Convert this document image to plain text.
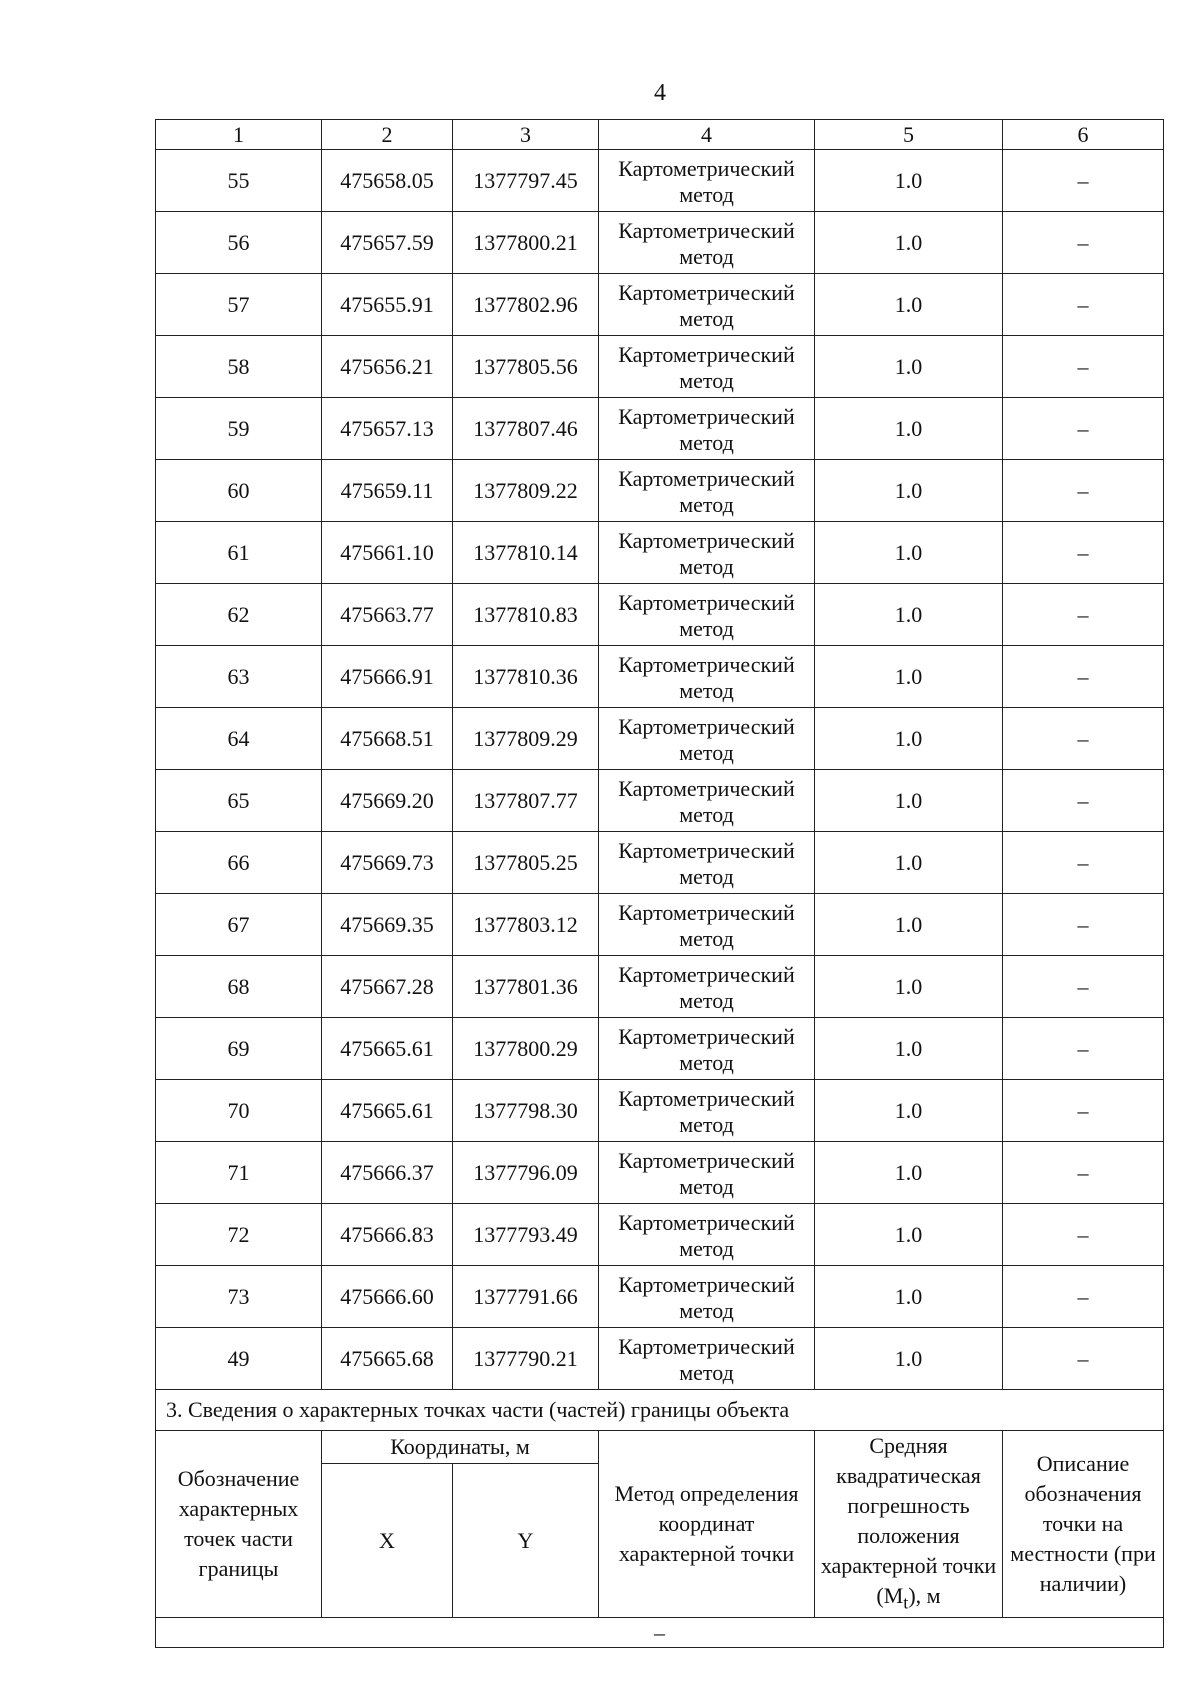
4
1	2	3	4	5	6
55	475658.05	1377797.45	Картометрический метод	1.0	–
56	475657.59	1377800.21	Картометрический метод	1.0	–
57	475655.91	1377802.96	Картометрический метод	1.0	–
58	475656.21	1377805.56	Картометрический метод	1.0	–
59	475657.13	1377807.46	Картометрический метод	1.0	–
60	475659.11	1377809.22	Картометрический метод	1.0	–
61	475661.10	1377810.14	Картометрический метод	1.0	–
62	475663.77	1377810.83	Картометрический метод	1.0	–
63	475666.91	1377810.36	Картометрический метод	1.0	–
64	475668.51	1377809.29	Картометрический метод	1.0	–
65	475669.20	1377807.77	Картометрический метод	1.0	–
66	475669.73	1377805.25	Картометрический метод	1.0	–
67	475669.35	1377803.12	Картометрический метод	1.0	–
68	475667.28	1377801.36	Картометрический метод	1.0	–
69	475665.61	1377800.29	Картометрический метод	1.0	–
70	475665.61	1377798.30	Картометрический метод	1.0	–
71	475666.37	1377796.09	Картометрический метод	1.0	–
72	475666.83	1377793.49	Картометрический метод	1.0	–
73	475666.60	1377791.66	Картометрический метод	1.0	–
49	475665.68	1377790.21	Картометрический метод	1.0	–
3. Сведения о характерных точках части (частей) границы объекта					
Обозначение характерных точек части границы	Координаты, м		Метод определения координат характерной точки	Средняя квадратическая погрешность положения характерной точки $(M_t)$, м	Описание обозначения точки на местности (при наличии)
	X	Y			
–					
